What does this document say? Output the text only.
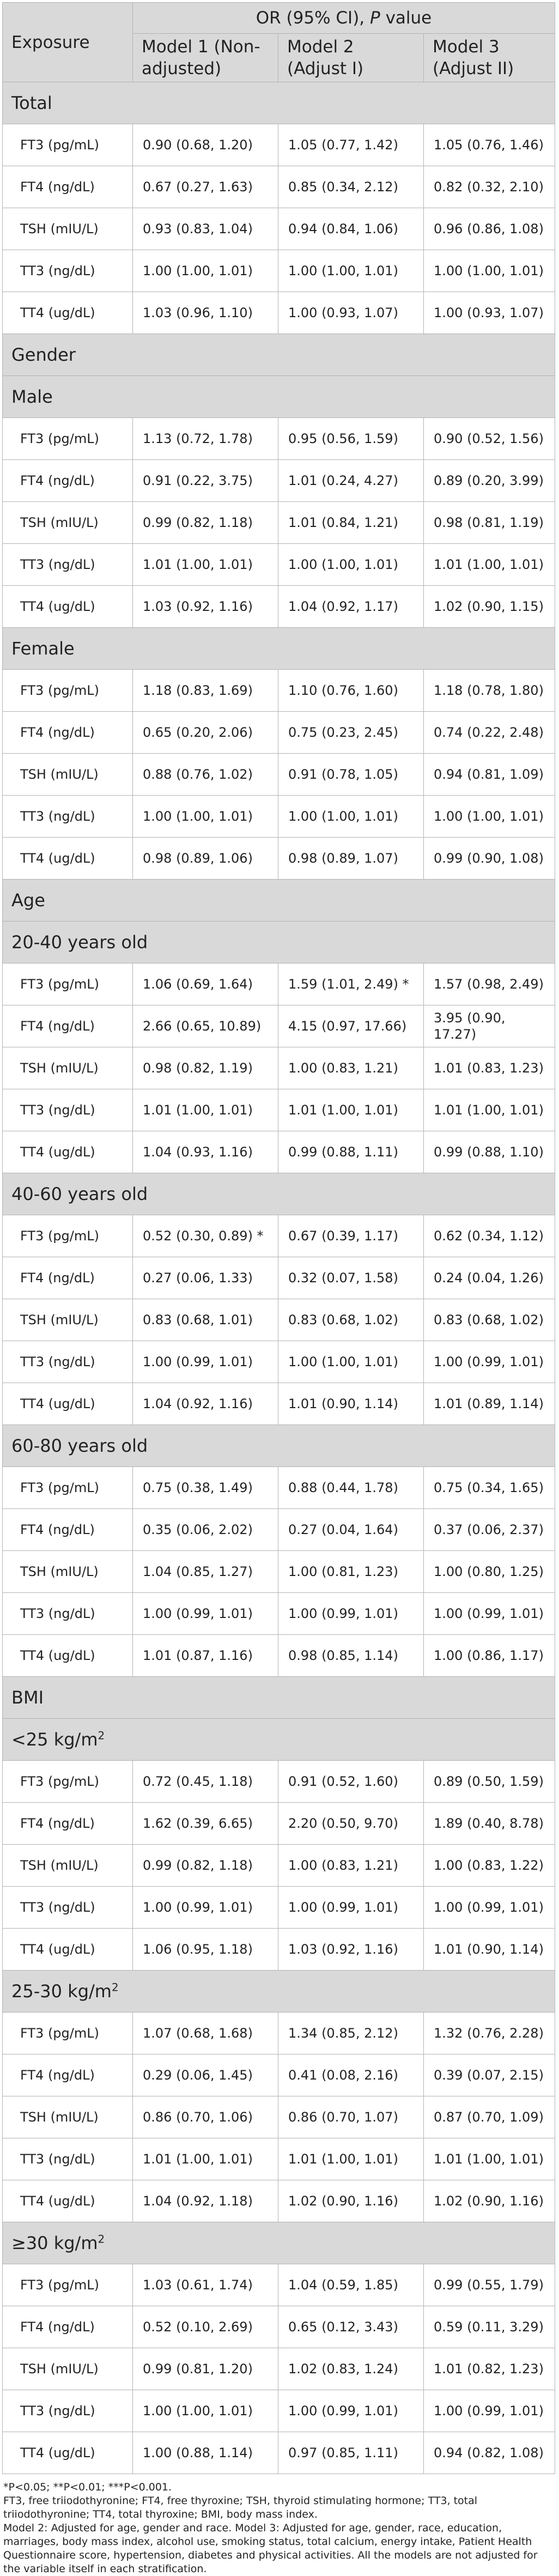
Exposure	OR (95% CI), P value		
	Model 1 (Non-adjusted)	Model 2 (Adjust I)	Model 3 (Adjust II)
Total			
FT3 (pg/mL)	0.90 (0.68, 1.20)	1.05 (0.77, 1.42)	1.05 (0.76, 1.46)
FT4 (ng/dL)	0.67 (0.27, 1.63)	0.85 (0.34, 2.12)	0.82 (0.32, 2.10)
TSH (mIU/L)	0.93 (0.83, 1.04)	0.94 (0.84, 1.06)	0.96 (0.86, 1.08)
TT3 (ng/dL)	1.00 (1.00, 1.01)	1.00 (1.00, 1.01)	1.00 (1.00, 1.01)
TT4 (ug/dL)	1.03 (0.96, 1.10)	1.00 (0.93, 1.07)	1.00 (0.93, 1.07)
Gender			
Male			
FT3 (pg/mL)	1.13 (0.72, 1.78)	0.95 (0.56, 1.59)	0.90 (0.52, 1.56)
FT4 (ng/dL)	0.91 (0.22, 3.75)	1.01 (0.24, 4.27)	0.89 (0.20, 3.99)
TSH (mIU/L)	0.99 (0.82, 1.18)	1.01 (0.84, 1.21)	0.98 (0.81, 1.19)
TT3 (ng/dL)	1.01 (1.00, 1.01)	1.00 (1.00, 1.01)	1.01 (1.00, 1.01)
TT4 (ug/dL)	1.03 (0.92, 1.16)	1.04 (0.92, 1.17)	1.02 (0.90, 1.15)
Female			
FT3 (pg/mL)	1.18 (0.83, 1.69)	1.10 (0.76, 1.60)	1.18 (0.78, 1.80)
FT4 (ng/dL)	0.65 (0.20, 2.06)	0.75 (0.23, 2.45)	0.74 (0.22, 2.48)
TSH (mIU/L)	0.88 (0.76, 1.02)	0.91 (0.78, 1.05)	0.94 (0.81, 1.09)
TT3 (ng/dL)	1.00 (1.00, 1.01)	1.00 (1.00, 1.01)	1.00 (1.00, 1.01)
TT4 (ug/dL)	0.98 (0.89, 1.06)	0.98 (0.89, 1.07)	0.99 (0.90, 1.08)
Age			
20-40 years old			
FT3 (pg/mL)	1.06 (0.69, 1.64)	1.59 (1.01, 2.49) *	1.57 (0.98, 2.49)
FT4 (ng/dL)	2.66 (0.65, 10.89)	4.15 (0.97, 17.66)	3.95 (0.90, 17.27)
TSH (mIU/L)	0.98 (0.82, 1.19)	1.00 (0.83, 1.21)	1.01 (0.83, 1.23)
TT3 (ng/dL)	1.01 (1.00, 1.01)	1.01 (1.00, 1.01)	1.01 (1.00, 1.01)
TT4 (ug/dL)	1.04 (0.93, 1.16)	0.99 (0.88, 1.11)	0.99 (0.88, 1.10)
40-60 years old			
FT3 (pg/mL)	0.52 (0.30, 0.89) *	0.67 (0.39, 1.17)	0.62 (0.34, 1.12)
FT4 (ng/dL)	0.27 (0.06, 1.33)	0.32 (0.07, 1.58)	0.24 (0.04, 1.26)
TSH (mIU/L)	0.83 (0.68, 1.01)	0.83 (0.68, 1.02)	0.83 (0.68, 1.02)
TT3 (ng/dL)	1.00 (0.99, 1.01)	1.00 (1.00, 1.01)	1.00 (0.99, 1.01)
TT4 (ug/dL)	1.04 (0.92, 1.16)	1.01 (0.90, 1.14)	1.01 (0.89, 1.14)
60-80 years old			
FT3 (pg/mL)	0.75 (0.38, 1.49)	0.88 (0.44, 1.78)	0.75 (0.34, 1.65)
FT4 (ng/dL)	0.35 (0.06, 2.02)	0.27 (0.04, 1.64)	0.37 (0.06, 2.37)
TSH (mIU/L)	1.04 (0.85, 1.27)	1.00 (0.81, 1.23)	1.00 (0.80, 1.25)
TT3 (ng/dL)	1.00 (0.99, 1.01)	1.00 (0.99, 1.01)	1.00 (0.99, 1.01)
TT4 (ug/dL)	1.01 (0.87, 1.16)	0.98 (0.85, 1.14)	1.00 (0.86, 1.17)
BMI			
<25 $kg/m^2$
FT3 (pg/mL)	0.72 (0.45, 1.18)	0.91 (0.52, 1.60)	0.89 (0.50, 1.59)
FT4 (ng/dL)	1.62 (0.39, 6.65)	2.20 (0.50, 9.70)	1.89 (0.40, 8.78)
TSH (mIU/L)	0.99 (0.82, 1.18)	1.00 (0.83, 1.21)	1.00 (0.83, 1.22)
TT3 (ng/dL)	1.00 (0.99, 1.01)	1.00 (0.99, 1.01)	1.00 (0.99, 1.01)
TT4 (ug/dL)	1.06 (0.95, 1.18)	1.03 (0.92, 1.16)	1.01 (0.90, 1.14)
25-30 $kg/m^2$
FT3 (pg/mL)	1.07 (0.68, 1.68)	1.34 (0.85, 2.12)	1.32 (0.76, 2.28)
FT4 (ng/dL)	0.29 (0.06, 1.45)	0.41 (0.08, 2.16)	0.39 (0.07, 2.15)
TSH (mIU/L)	0.86 (0.70, 1.06)	0.86 (0.70, 1.07)	0.87 (0.70, 1.09)
TT3 (ng/dL)	1.01 (1.00, 1.01)	1.01 (1.00, 1.01)	1.01 (1.00, 1.01)
TT4 (ug/dL)	1.04 (0.92, 1.18)	1.02 (0.90, 1.16)	1.02 (0.90, 1.16)
≥30 $kg/m^2$
FT3 (pg/mL)	1.03 (0.61, 1.74)	1.04 (0.59, 1.85)	0.99 (0.55, 1.79)
FT4 (ng/dL)	0.52 (0.10, 2.69)	0.65 (0.12, 3.43)	0.59 (0.11, 3.29)
TSH (mIU/L)	0.99 (0.81, 1.20)	1.02 (0.83, 1.24)	1.01 (0.82, 1.23)
TT3 (ng/dL)	1.00 (1.00, 1.01)	1.00 (0.99, 1.01)	1.00 (0.99, 1.01)
TT4 (ug/dL)	1.00 (0.88, 1.14)	0.97 (0.85, 1.11)	0.94 (0.82, 1.08)

*P<0.05; **P<0.01; ***P<0.001.

FT3, free triiodothyronine; FT4, free thyroxine; TSH, thyroid stimulating hormone; TT3, total triiodothyronine; TT4, total thyroxine; BMI, body mass index.

Model 2: Adjusted for age, gender and race. Model 3: Adjusted for age, gender, race, education, marriages, body mass index, alcohol use, smoking status, total calcium, energy intake, Patient Health Questionnaire score, hypertension, diabetes and physical activities. All the models are not adjusted for the variable itself in each stratification.
